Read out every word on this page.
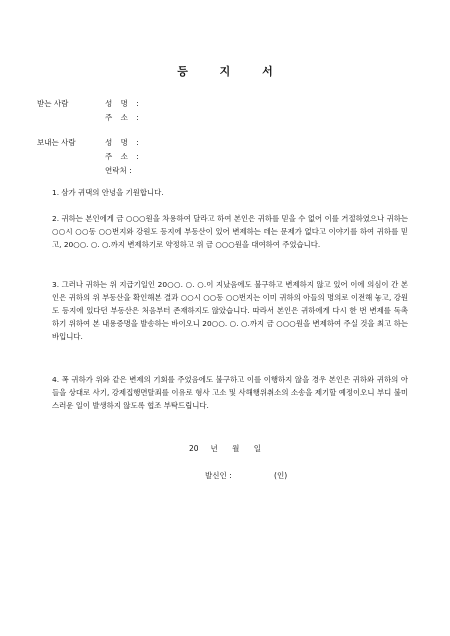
등 지 서
받는 사람	성 명 :
주 소 :
보내는 사람	성 명 :
주 소 :
연락처 :
1. 삼가 귀댁의 안녕을 기원합니다.
2. 귀하는 본인에게 금 ○○○원을 차용하여 달라고 하여 본인은 귀하를 믿을 수 없어 이를 거절하였으나 귀하는 ○○시 ○○동 ○○번지와 강원도 등지에 부동산이 있어 변제하는 데는 문제가 없다고 이야기를 하여 귀하를 믿고, 20○○. ○. ○.까지 변제하기로 약정하고 위 금 ○○○원을 대여하여 주었습니다.
3. 그러나 귀하는 위 지급기일인 20○○. ○. ○.이 지났음에도 불구하고 변제하지 않고 있어 이에 의심이 간 본인은 귀하의 위 부동산을 확인해본 결과 ○○시 ○○동 ○○번지는 이미 귀하의 아들의 명의로 이전해 놓고, 강원도 등지에 있다던 부동산은 처음부터 존재하지도 않았습니다. 따라서 본인은 귀하에게 다시 한 번 변제를 독촉하기 위하여 본 내용증명을 발송하는 바이오니 20○○. ○. ○.까지 금 ○○○원을 변제하여 주실 것을 최고 하는 바입니다.
4. 폭 귀하가 위와 같은 변제의 기회를 주었음에도 불구하고 이를 이행하지 않을 경우 본인은 귀하와 귀하의 아들을 상대로 사기, 강제집행면탈죄를 이유로 형사 고소 및 사해행위취소의 소송을 제기할 예정이오니 부디 불미스러운 일이 발생하지 않도록 협조 부탁드립니다.
20 년 월 일
발신인 :	(인)
